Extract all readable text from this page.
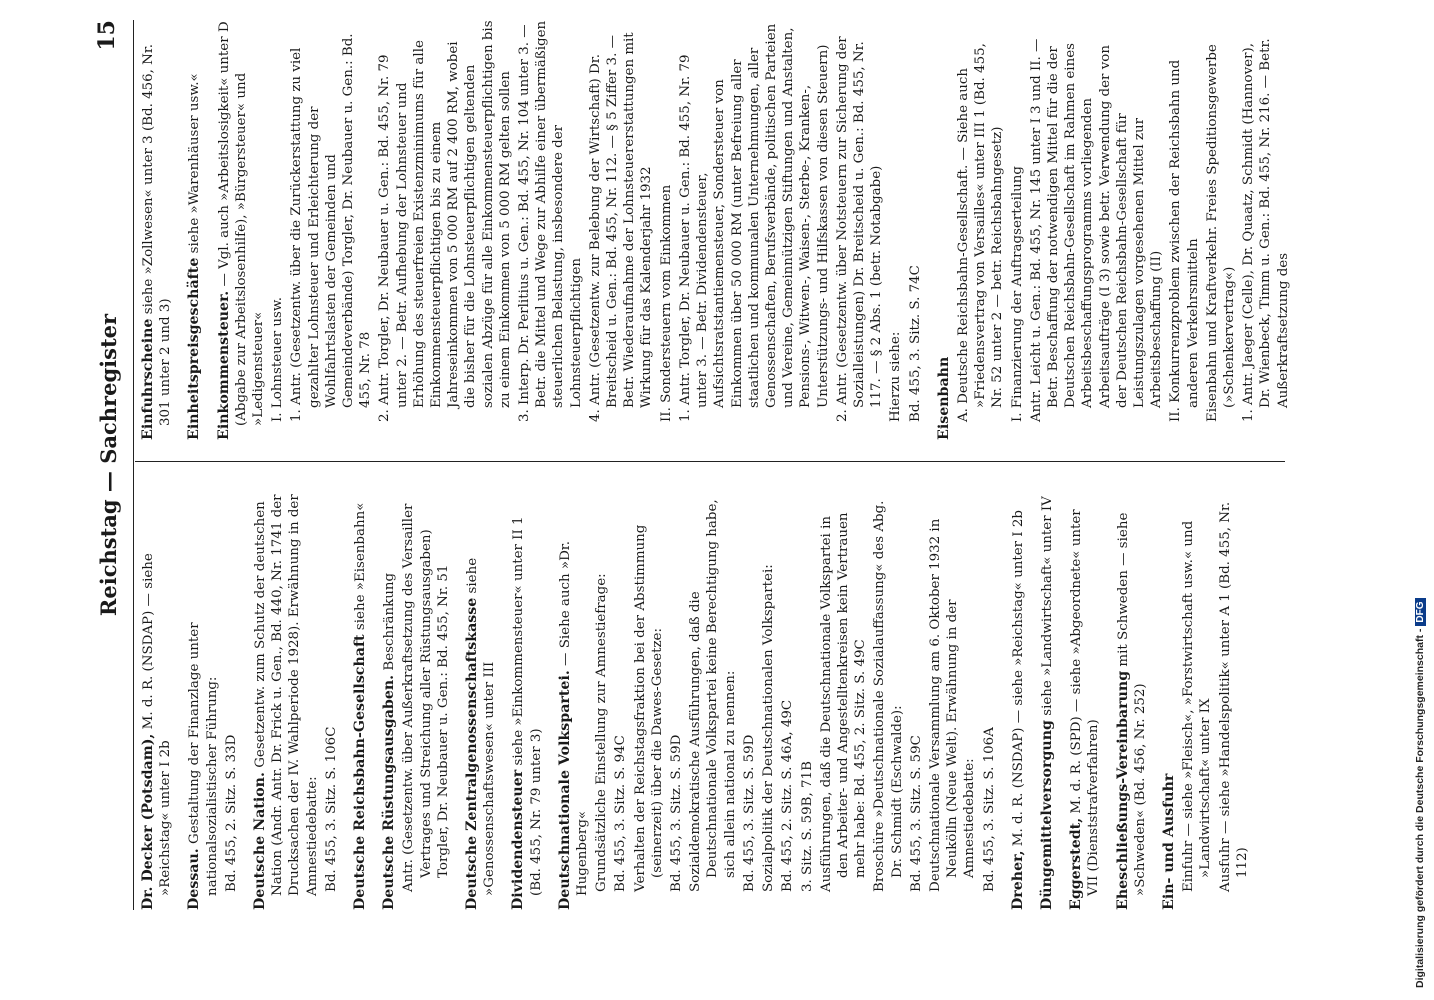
Reichstag — Sachregister
15
Dr. Decker (Potsdam), M. d. R. (NSDAP) — siehe »Reichstag« unter I 2b Dessau. Gestaltung der Finanzlage unter nationalsozialistischer Führung: Bd. 455, 2. Sitz. S. 33D Deutsche Nation. Gesetzentw. zum Schutz der deutschen Nation (Andr. Antr. Dr. Frick u. Gen., Bd. 440, Nr. 1741 der Drucksachen der IV. Wahlperiode 1928). Erwähnung in der Amnestiedebatte: Bd. 455, 3. Sitz. S. 106C Deutsche Reichsbahn-Gesellschaft siehe »Eisenbahn«
Deutsche Rüstungsausgaben. Beschränkung Antr. (Gesetzentw. über Außerkraftsetzung des Versailler Vertrages und Streichung aller Rüstungsausgaben) Torgler, Dr. Neubauer u. Gen.: Bd. 455, Nr. 51 Deutsche Zentralgenossenschaftskasse siehe »Genossenschaftswesen« unter III Dividendensteuer siehe »Einkommensteuer« unter II 1 (Bd. 455, Nr. 79 unter 3) Deutschnationale Volkspartei. — Siehe auch »Dr. Hugenberg« Grundsätzliche Einstellung zur Amnestiefrage: Bd. 455, 3. Sitz. S. 94C Verhalten der Reichstagsfraktion bei der Abstimmung (seinerzeit) über die Dawes-Gesetze: Bd. 455, 3. Sitz. S. 59D Sozialdemokratische Ausführungen, daß die Deutschnationale Volkspartei keine Berechtigung habe, sich allein national zu nennen: Bd. 455, 3. Sitz. S. 59D Sozialpolitik der Deutschnationalen Volkspartei: Bd. 455, 2. Sitz. S. 46A, 49C 3. Sitz. S. 59B, 71B Ausführungen, daß die Deutschnationale Volkspartei in den Arbeiter- und Angestelltenkreisen kein Vertrauen mehr habe: Bd. 455, 2. Sitz. S. 49C Broschüre »Deutschnationale Sozialauffassung« des Abg. Dr. Schmidt (Eschwalde): Bd. 455, 3. Sitz. S. 59C Deutschnationale Versammlung am 6. Oktober 1932 in Neukölln (Neue Welt). Erwähnung in der Amnestiedebatte: Bd. 455, 3. Sitz. S. 106A Dreher, M. d. R. (NSDAP) — siehe »Reichstag« unter I 2b Düngemittelversorgung siehe »Landwirtschaft« unter IV
Eggerstedt, M. d. R. (SPD) — siehe »Abgeordnete« unter VII (Dienststrafverfahren) Eheschließungs-Vereinbarung mit Schweden — siehe »Schweden« (Bd. 456, Nr. 252) Ein- und Ausfuhr Einfuhr — siehe »Fleisch«, »Forstwirtschaft usw.« und »Landwirtschaft« unter IX Ausfuhr — siehe »Handelspolitik« unter A 1 (Bd. 455, Nr. 112)
Einfuhrscheine siehe »Zollwesen« unter 3 (Bd. 456, Nr. 301 unter 2 und 3) Einheitspreisgeschäfte siehe »Warenhäuser usw.«
Einkommensteuer. — Vgl. auch »Arbeitslosigkeit« unter D (Abgabe zur Arbeitslosenhilfe), »Bürgersteuer« und »Ledigensteuer« I. Lohnsteuer usw. 1. Antr. (Gesetzentw. über die Zurückerstattung zu viel gezahlter Lohnsteuer und Erleichterung der Wohlfahrtslasten der Gemeinden und Gemeindeverbände) Torgler, Dr. Neubauer u. Gen.: Bd. 455, Nr. 78 2. Antr. Torgler, Dr. Neubauer u. Gen.: Bd. 455, Nr. 79 unter 2. — Betr. Aufhebung der Lohnsteuer und Erhöhung des steuerfreien Existenzminimums für alle Einkommensteuerpflichtigen bis zu einem Jahreseinkommen von 5 000 RM auf 2 400 RM, wobei die bisher für die Lohnsteuerpflichtigen geltenden sozialen Abzüge für alle Einkommensteuerpflichtigen bis zu einem Einkommen von 5 000 RM gelten sollen 3. Interp. Dr. Perlitius u. Gen.: Bd. 455, Nr. 104 unter 3. — Betr. die Mittel und Wege zur Abhilfe einer übermäßigen steuerlichen Belastung, insbesondere der Lohnsteuerpflichtigen 4. Antr. (Gesetzentw. zur Belebung der Wirtschaft) Dr. Breitscheid u. Gen.: Bd. 455, Nr. 112. — § 5 Ziffer 3. — Betr. Wiederaufnahme der Lohnsteuererstattungen mit Wirkung für das Kalenderjahr 1932 II. Sondersteuern vom Einkommen 1. Antr. Torgler, Dr. Neubauer u. Gen.: Bd. 455, Nr. 79 unter 3. — Betr. Dividendensteuer, Aufsichtsratstantiemensteuer, Sondersteuer von Einkommen über 50 000 RM (unter Befreiung aller staatlichen und kommunalen Unternehmungen, aller Genossenschaften, Berufsverbände, politischen Parteien und Vereine, Gemeinnützigen Stiftungen und Anstalten, Pensions-, Witwen-, Waisen-, Sterbe-, Kranken-, Unterstützungs- und Hilfskassen von diesen Steuern) 2. Antr. (Gesetzentw. über Notsteuern zur Sicherung der Sozialleistungen) Dr. Breitscheid u. Gen.: Bd. 455, Nr. 117. — § 2 Abs. 1 (betr. Notabgabe) Hierzu siehe: Bd. 455, 3. Sitz. S. 74C Eisenbahn A. Deutsche Reichsbahn-Gesellschaft. — Siehe auch »Friedensvertrag von Versailles« unter III 1 (Bd. 455, Nr. 52 unter 2 — betr. Reichsbahngesetz) I. Finanzierung der Auftragserteilung Antr. Leicht u. Gen.: Bd. 455, Nr. 145 unter I 3 und II. — Betr. Beschaffung der notwendigen Mittel für die der Deutschen Reichsbahn-Gesellschaft im Rahmen eines Arbeitsbeschaffungsprogramms vorliegenden Arbeitsaufträge (I 3) sowie betr. Verwendung der von der Deutschen Reichsbahn-Gesellschaft für Leistungszulagen vorgesehenen Mittel zur Arbeitsbeschaffung (II) II. Konkurrenzproblem zwischen der Reichsbahn und anderen Verkehrsmitteln Eisenbahn und Kraftverkehr. Freies Speditionsgewerbe (»Schenkervertrag«) 1. Antr. Jaeger (Celle), Dr. Quaatz, Schmidt (Hannover), Dr. Wienbeck, Timm u. Gen.: Bd. 455, Nr. 216. — Betr. Außerkraftsetzung des
Digitalisierung gefördert durch die Deutsche Forschungsgemeinschaft -DFG
